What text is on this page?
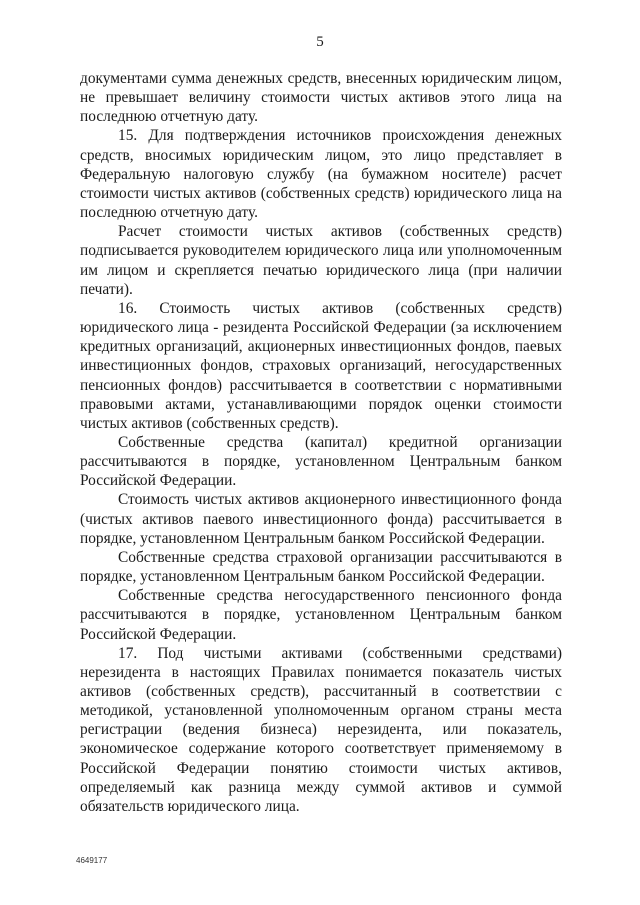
5

документами сумма денежных средств, внесенных юридическим лицом, не превышает величину стоимости чистых активов этого лица на последнюю отчетную дату.

15. Для подтверждения источников происхождения денежных средств, вносимых юридическим лицом, это лицо представляет в Федеральную налоговую службу (на бумажном носителе) расчет стоимости чистых активов (собственных средств) юридического лица на последнюю отчетную дату.

Расчет стоимости чистых активов (собственных средств) подписывается руководителем юридического лица или уполномоченным им лицом и скрепляется печатью юридического лица (при наличии печати).

16. Стоимость чистых активов (собственных средств) юридического лица - резидента Российской Федерации (за исключением кредитных организаций, акционерных инвестиционных фондов, паевых инвестиционных фондов, страховых организаций, негосударственных пенсионных фондов) рассчитывается в соответствии с нормативными правовыми актами, устанавливающими порядок оценки стоимости чистых активов (собственных средств).

Собственные средства (капитал) кредитной организации рассчитываются в порядке, установленном Центральным банком Российской Федерации.

Стоимость чистых активов акционерного инвестиционного фонда (чистых активов паевого инвестиционного фонда) рассчитывается в порядке, установленном Центральным банком Российской Федерации.

Собственные средства страховой организации рассчитываются в порядке, установленном Центральным банком Российской Федерации.

Собственные средства негосударственного пенсионного фонда рассчитываются в порядке, установленном Центральным банком Российской Федерации.

17. Под чистыми активами (собственными средствами) нерезидента в настоящих Правилах понимается показатель чистых активов (собственных средств), рассчитанный в соответствии с методикой, установленной уполномоченным органом страны места регистрации (ведения бизнеса) нерезидента, или показатель, экономическое содержание которого соответствует применяемому в Российской Федерации понятию стоимости чистых активов, определяемый как разница между суммой активов и суммой обязательств юридического лица.

4649177
